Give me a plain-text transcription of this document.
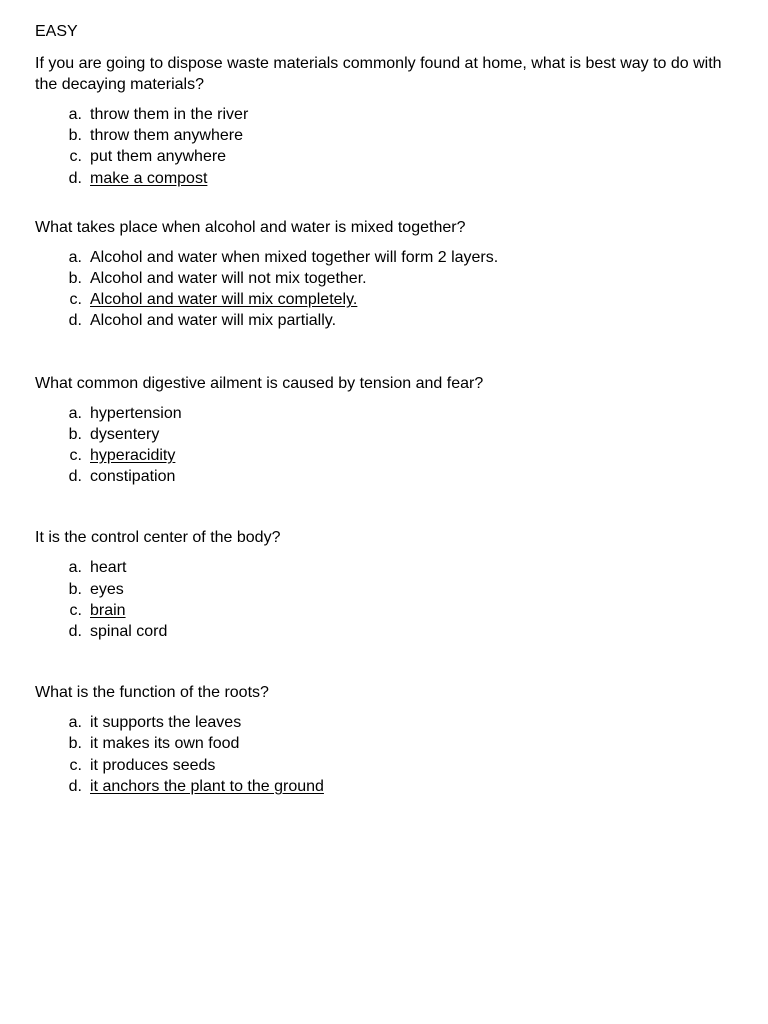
EASY

If you are going to dispose waste materials commonly found at home, what is best way to do with the decaying materials?

a. throw them in the river
b. throw them anywhere
c. put them anywhere
d. make a compost

What takes place when alcohol and water is mixed together?

a. Alcohol and water when mixed together will form 2 layers.
b. Alcohol and water will not mix together.
c. Alcohol and water will mix completely.
d. Alcohol and water will mix partially.

What common digestive ailment is caused by tension and fear?

a. hypertension
b. dysentery
c. hyperacidity
d. constipation

It is the control center of the body?

a. heart
b. eyes
c. brain
d. spinal cord

What is the function of the roots?

a. it supports the leaves
b. it makes its own food
c. it produces seeds
d. it anchors the plant to the ground
